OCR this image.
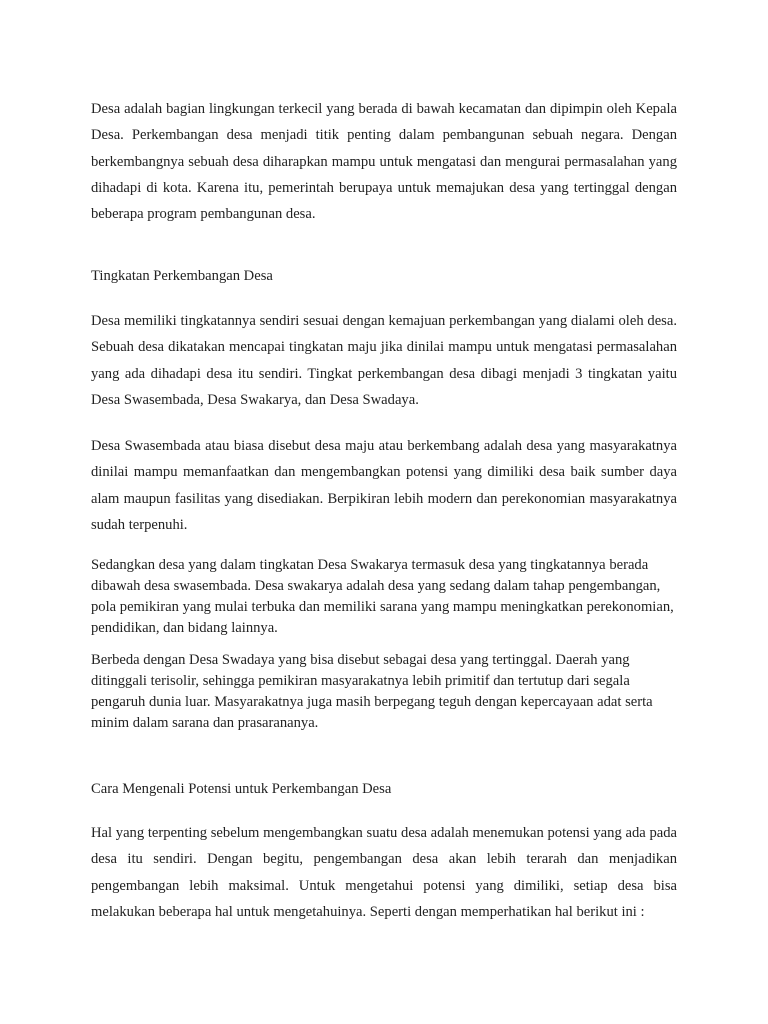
Desa adalah bagian lingkungan terkecil yang berada di bawah kecamatan dan dipimpin oleh Kepala Desa. Perkembangan desa menjadi titik penting dalam pembangunan sebuah negara. Dengan berkembangnya sebuah desa diharapkan mampu untuk mengatasi dan mengurai permasalahan yang dihadapi di kota. Karena itu, pemerintah berupaya untuk memajukan desa yang tertinggal dengan beberapa program pembangunan desa.

Tingkatan Perkembangan Desa

Desa memiliki tingkatannya sendiri sesuai dengan kemajuan perkembangan yang dialami oleh desa. Sebuah desa dikatakan mencapai tingkatan maju jika dinilai mampu untuk mengatasi permasalahan yang ada dihadapi desa itu sendiri. Tingkat perkembangan desa dibagi menjadi 3 tingkatan yaitu Desa Swasembada, Desa Swakarya, dan Desa Swadaya.

Desa Swasembada atau biasa disebut desa maju atau berkembang adalah desa yang masyarakatnya dinilai mampu memanfaatkan dan mengembangkan potensi yang dimiliki desa baik sumber daya alam maupun fasilitas yang disediakan. Berpikiran lebih modern dan perekonomian masyarakatnya sudah terpenuhi.

Sedangkan desa yang dalam tingkatan Desa Swakarya termasuk desa yang tingkatannya berada dibawah desa swasembada. Desa swakarya adalah desa yang sedang dalam tahap pengembangan, pola pemikiran yang mulai terbuka dan memiliki sarana yang mampu meningkatkan perekonomian, pendidikan, dan bidang lainnya.

Berbeda dengan Desa Swadaya yang bisa disebut sebagai desa yang tertinggal. Daerah yang ditinggali terisolir, sehingga pemikiran masyarakatnya lebih primitif dan tertutup dari segala pengaruh dunia luar. Masyarakatnya juga masih berpegang teguh dengan kepercayaan adat serta minim dalam sarana dan prasarananya.

Cara Mengenali Potensi untuk Perkembangan Desa

Hal yang terpenting sebelum mengembangkan suatu desa adalah menemukan potensi yang ada pada desa itu sendiri. Dengan begitu, pengembangan desa akan lebih terarah dan menjadikan pengembangan lebih maksimal. Untuk mengetahui potensi yang dimiliki, setiap desa bisa melakukan beberapa hal untuk mengetahuinya. Seperti dengan memperhatikan hal berikut ini :
